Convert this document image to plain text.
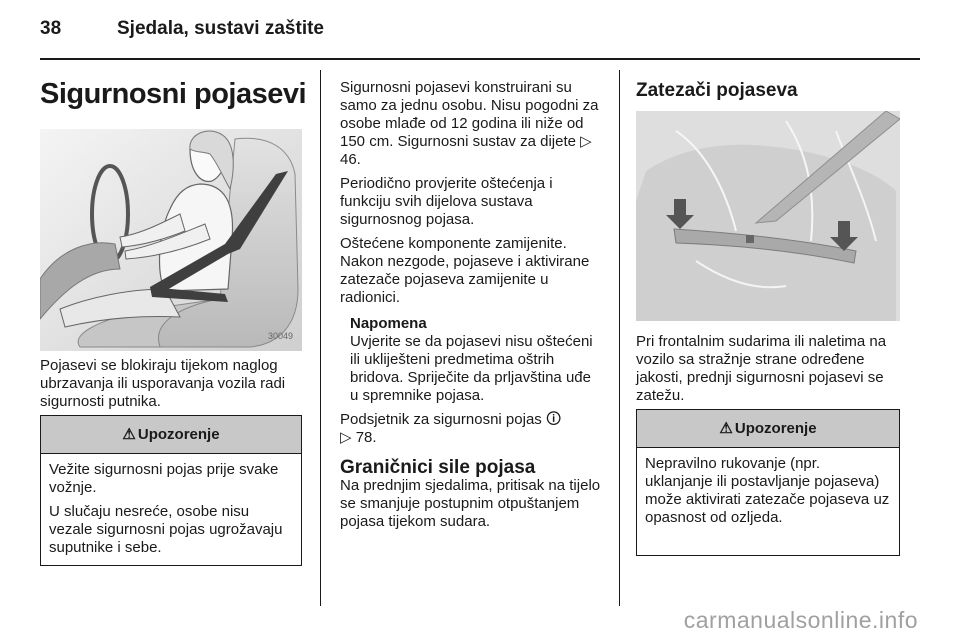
38	Sjedala, sustavi zaštite
Sigurnosni pojasevi
30049
Pojasevi se blokiraju tijekom naglog ubrzavanja ili usporavanja vozila radi sigurnosti putnika.
⚠ Upozorenje

Vežite sigurnosni pojas prije svake vožnje.

U slučaju nesreće, osobe nisu vezale sigurnosni pojas ugrožavaju suputnike i sebe.

Sigurnosni pojasevi konstruirani su samo za jednu osobu. Nisu pogodni za osobe mlađe od 12 godina ili niže od 150 cm. Sigurnosni sustav za dijete ▷ 46.

Periodično provjerite oštećenja i funkciju svih dijelova sustava sigurnosnog pojasa.

Oštećene komponente zamijenite. Nakon nezgode, pojaseve i aktivirane zatezače pojaseva zamijenite u radionici.

Napomena
Uvjerite se da pojasevi nisu oštećeni ili ukliješteni predmetima oštrih bridova. Spriječite da prljavština uđe u spremnike pojasa.

Podsjetnik za sigurnosni pojas 🛈
▷ 78.

Graničnici sile pojasa

Na prednjim sjedalima, pritisak na tijelo se smanjuje postupnim otpuštanjem pojasa tijekom sudara.

Zatezači pojaseva
Pri frontalnim sudarima ili naletima na vozilo sa stražnje strane određene jakosti, prednji sigurnosni pojasevi se zatežu.
⚠ Upozorenje

Nepravilno rukovanje (npr. uklanjanje ili postavljanje pojaseva) može aktivirati zatezače pojaseva uz opasnost od ozljeda.

carmanualsonline.info
